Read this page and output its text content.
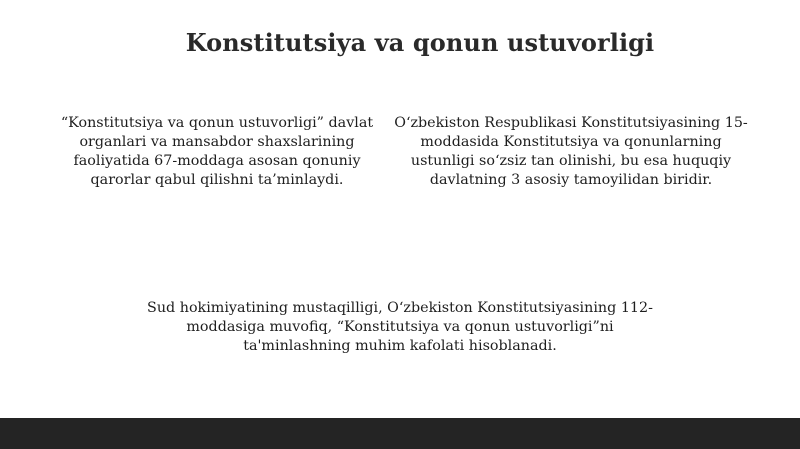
Konstitutsiya va qonun ustuvorligi
“Konstitutsiya va qonun ustuvorligi” davlat organlari va mansabdor shaxslarining faoliyatida 67-moddaga asosan qonuniy qarorlar qabul qilishni ta’minlaydi.
O‘zbekiston Respublikasi Konstitutsiyasining 15-moddasida Konstitutsiya va qonunlarning ustunligi so‘zsiz tan olinishi, bu esa huquqiy davlatning 3 asosiy tamoyilidan biridir.
Sud hokimiyatining mustaqilligi, O‘zbekiston Konstitutsiyasining 112-moddasiga muvofiq, “Konstitutsiya va qonun ustuvorligi”ni ta'minlashning muhim kafolati hisoblanadi.
